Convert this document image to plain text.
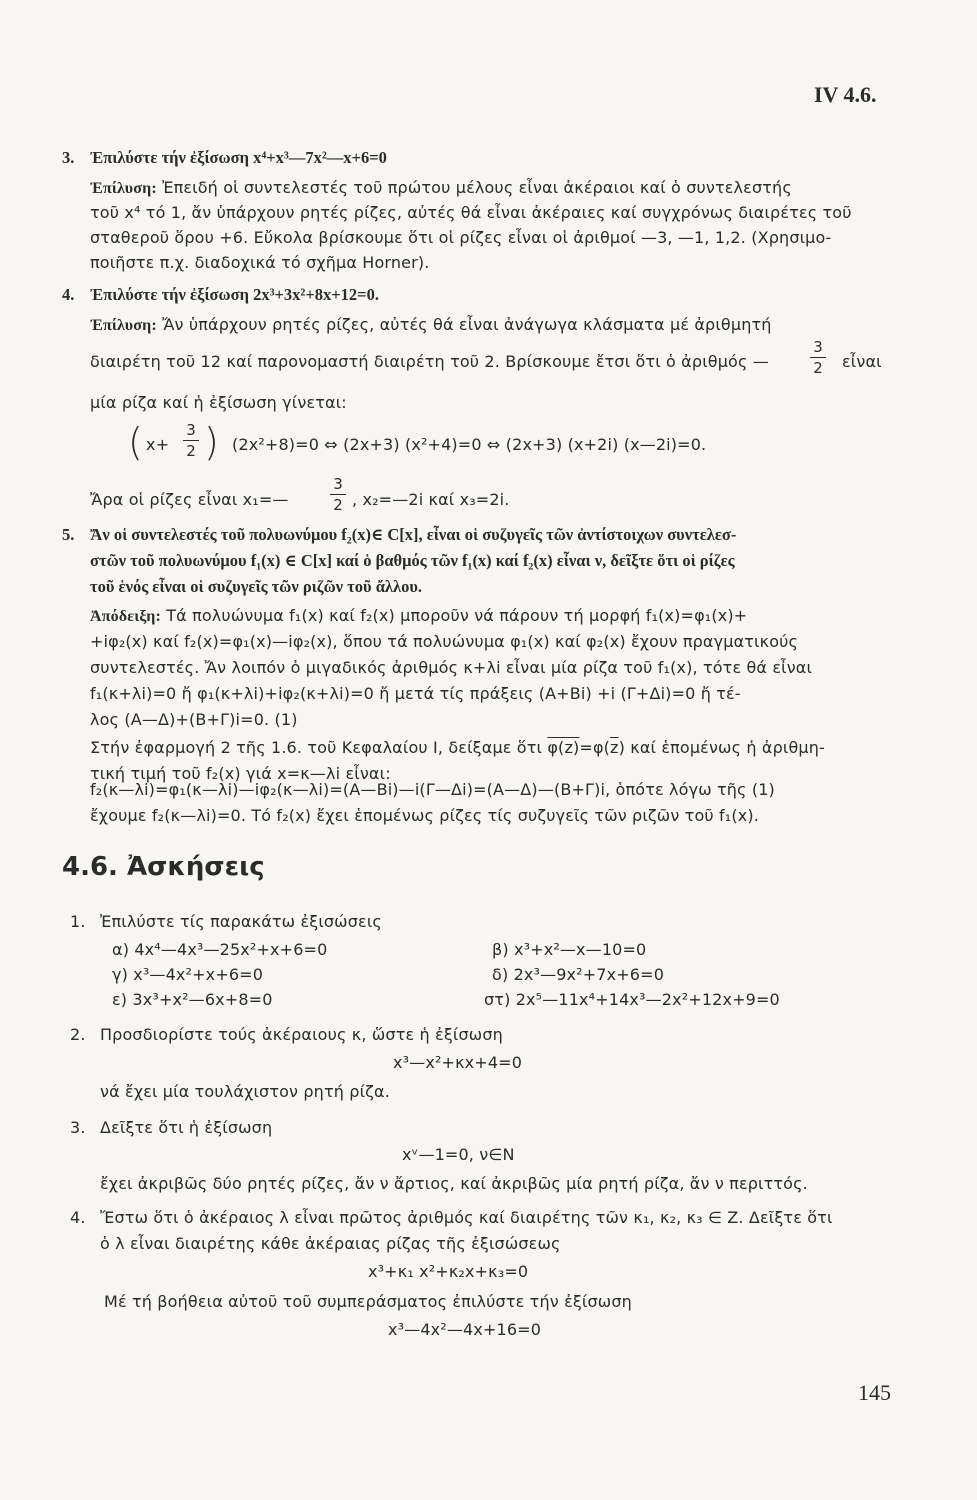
IV 4.6.
3. Ἐπιλύστε τήν ἐξίσωση x⁴+x³—7x²—x+6=0
Ἐπίλυση: Ἐπειδή οἱ συντελεστές τοῦ πρώτου μέλους εἶναι ἀκέραιοι καί ὁ συντελεστής
τοῦ x⁴ τό 1, ἄν ὑπάρχουν ρητές ρίζες, αὐτές θά εἶναι ἀκέραιες καί συγχρόνως διαιρέτες τοῦ
σταθεροῦ ὅρου +6. Εὔκολα βρίσκουμε ὅτι οἱ ρίζες εἶναι οἱ ἀριθμοί —3, —1, 1,2. (Χρησιμο-
ποιῆστε π.χ. διαδοχικά τό σχῆμα Horner).
4. Ἐπιλύστε τήν ἐξίσωση 2x³+3x²+8x+12=0.
Ἐπίλυση: Ἄν ὑπάρχουν ρητές ρίζες, αὐτές θά εἶναι ἀνάγωγα κλάσματα μέ ἀριθμητή
διαιρέτη τοῦ 12 καί παρονομαστή διαιρέτη τοῦ 2. Βρίσκουμε ἔτσι ὅτι ὁ ἀριθμός —
3
2 εἶναι
μία ρίζα καί ἡ ἐξίσωση γίνεται:
( x+
3
2 ) (2x²+8)=0 ⇔ (2x+3) (x²+4)=0 ⇔ (2x+3) (x+2i) (x—2i)=0.
Ἄρα οἱ ρίζες εἶναι x₁=—
3
2 , x₂=—2i καί x₃=2i.
5. Ἄν οἱ συντελεστές τοῦ πολυωνύμου f₂(x)∈ C[x], εἶναι οἱ συζυγεῖς τῶν ἀντίστοιχων συντελεσ-
στῶν τοῦ πολυωνύμου f₁(x) ∈ C[x] καί ὁ βαθμός τῶν f₁(x) καί f₂(x) εἶναι ν, δεῖξτε ὅτι οἱ ρίζες
τοῦ ἑνός εἶναι οἱ συζυγεῖς τῶν ριζῶν τοῦ ἄλλου.
Ἀπόδειξη: Τά πολυώνυμα f₁(x) καί f₂(x) μποροῦν νά πάρουν τή μορφή f₁(x)=φ₁(x)+
+iφ₂(x) καί f₂(x)=φ₁(x)—iφ₂(x), ὅπου τά πολυώνυμα φ₁(x) καί φ₂(x) ἔχουν πραγματικούς
συντελεστές. Ἄν λοιπόν ὁ μιγαδικός ἀριθμός κ+λi εἶναι μία ρίζα τοῦ f₁(x), τότε θά εἶναι
f₁(κ+λi)=0 ἤ φ₁(κ+λi)+iφ₂(κ+λi)=0 ἤ μετά τίς πράξεις (A+Bi) +i (Γ+Δi)=0 ἤ τέ-
λος (A—Δ)+(B+Γ)i=0. (1)
Στήν ἐφαρμογή 2 τῆς 1.6. τοῦ Κεφαλαίου I, δείξαμε ὅτι $\varphi(z)=\varphi(\overline{z})$ καί ἑπομένως ἡ ἀριθμη-
τική τιμή τοῦ f₂(x) γιά x=κ—λi εἶναι:
f₂(κ—λi)=φ₁(κ—λi)—iφ₂(κ—λi)=(A—Bi)—i(Γ—Δi)=(A—Δ)—(B+Γ)i, ὁπότε λόγω τῆς (1)
ἔχουμε f₂(κ—λi)=0. Τό f₂(x) ἔχει ἑπομένως ρίζες τίς συζυγεῖς τῶν ριζῶν τοῦ f₁(x).
4.6. Ἀσκήσεις
1. Ἐπιλύστε τίς παρακάτω ἐξισώσεις
α) 4x⁴—4x³—25x²+x+6=0	β) x³+x²—x—10=0
γ) x³—4x²+x+6=0	δ) 2x³—9x²+7x+6=0
ε) 3x³+x²—6x+8=0	στ) 2x⁵—11x⁴+14x³—2x²+12x+9=0
2. Προσδιορίστε τούς ἀκέραιους κ, ὥστε ἡ ἐξίσωση
x³—x²+κx+4=0
νά ἔχει μία τουλάχιστον ρητή ρίζα.
3. Δεῖξτε ὅτι ἡ ἐξίσωση
xᵛ—1=0, ν∈N
ἔχει ἀκριβῶς δύο ρητές ρίζες, ἄν ν ἄρτιος, καί ἀκριβῶς μία ρητή ρίζα, ἄν ν περιττός.
4. Ἔστω ὅτι ὁ ἀκέραιος λ εἶναι πρῶτος ἀριθμός καί διαιρέτης τῶν κ₁, κ₂, κ₃ ∈ Z. Δεῖξτε ὅτι
ὁ λ εἶναι διαιρέτης κάθε ἀκέραιας ρίζας τῆς ἐξισώσεως
x³+κ₁ x²+κ₂x+κ₃=0
Μέ τή βοήθεια αὐτοῦ τοῦ συμπεράσματος ἐπιλύστε τήν ἐξίσωση
x³—4x²—4x+16=0
145
